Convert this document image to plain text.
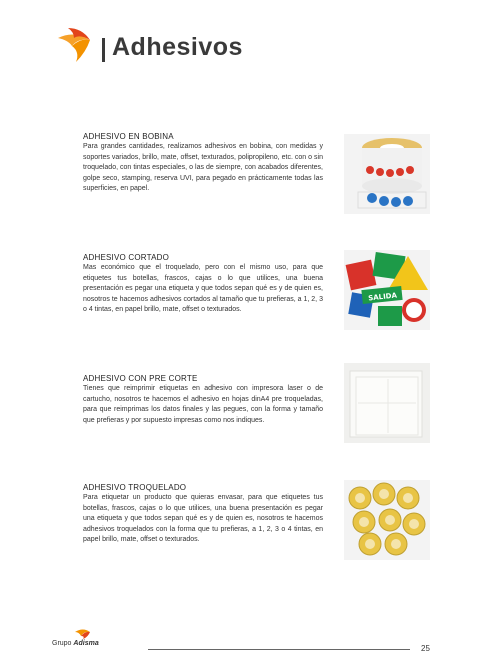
Adhesivos
ADHESIVO EN BOBINA
Para grandes cantidades, realizamos adhesivos en bobina, con medidas y soportes variados, brillo, mate, offset, texturados, polipropileno, etc. con o sin troquelado, con tintas especiales, o las de siempre, con acabados diferentes, golpe seco, stamping, reserva UVI, para pegado en prácticamente todas las superficies, en papel.
ADHESIVO CORTADO
Mas económico que el troquelado, pero con el mismo uso, para que etiquetes tus botellas, frascos, cajas o lo que utilices, una buena presentación es pegar una etiqueta y que todos sepan qué es y de quien es, nosotros te hacemos adhesivos cortados al tamaño que tu prefieras, a 1, 2, 3 o 4 tintas, en papel brillo, mate, offset o texturados.
SALIDA
ADHESIVO CON PRE CORTE
Tienes que reimprimir etiquetas en adhesivo con impresora laser o de cartucho, nosotros te hacemos el adhesivo en hojas dinA4 pre troqueladas, para que reimprimas los datos finales y las pegues, con la forma y tamaño que prefieras y por supuesto impresas como nos indiques.
ADHESIVO TROQUELADO
Para etiquetar un producto que quieras envasar, para que etiquetes tus botellas, frascos, cajas o lo que utilices, una buena presentación es pegar una etiqueta y que todos sepan qué es y de quien es, nosotros te hacemos adhesivos troquelados con la forma que tu prefieras, a 1, 2, 3 o 4 tintas, en papel brillo, mate, offset o texturados.
Grupo Adisma
25
